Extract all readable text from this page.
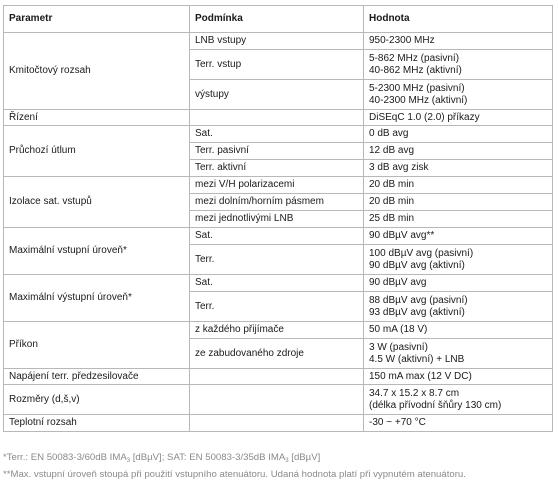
Parametr	Podmínka	Hodnota
Kmitočtový rozsah	LNB vstupy	950-2300 MHz
	Terr. vstup	5-862 MHz (pasivní)
40-862 MHz (aktivní)

	výstupy	5-2300 MHz (pasivní)
40-2300 MHz (aktivní)

Řízení		DiSEqC 1.0 (2.0) příkazy
Průchozí útlum	Sat.	0 dB avg
	Terr. pasivní	12 dB avg
	Terr. aktivní	3 dB avg zisk
Izolace sat. vstupů	mezi V/H polarizacemi	20 dB min
	mezi dolním/horním pásmem	20 dB min
	mezi jednotlivými LNB	25 dB min
Maximální vstupní úroveň*	Sat.	90 dBµV avg**
	Terr.	100 dBµV avg (pasivní)
90 dBµV avg (aktivní)

Maximální výstupní úroveň*	Sat.	90 dBµV avg
	Terr.	88 dBµV avg (pasivní)
93 dBµV avg (aktivní)

Příkon	z každého přijímače	50 mA (18 V)
	ze zabudovaného zdroje	3 W (pasivní)
4.5 W (aktivní) + LNB

Napájení terr. předzesilovače		150 mA max (12 V DC)
Rozměry (d,š,v)		34.7 x 15.2 x 8.7 cm
(délka přívodní šňůry 130 cm)

Teplotní rozsah		-30 ~ +70 °C
*Terr.: EN 50083-3/60dB $IMA_3$ [dBµV]; SAT: EN 50083-3/35dB $IMA_3$ [dBµV]
**Max. vstupní úroveň stoupá při použití vstupního atenuátoru. Udaná hodnota platí při vypnutém atenuátoru.
